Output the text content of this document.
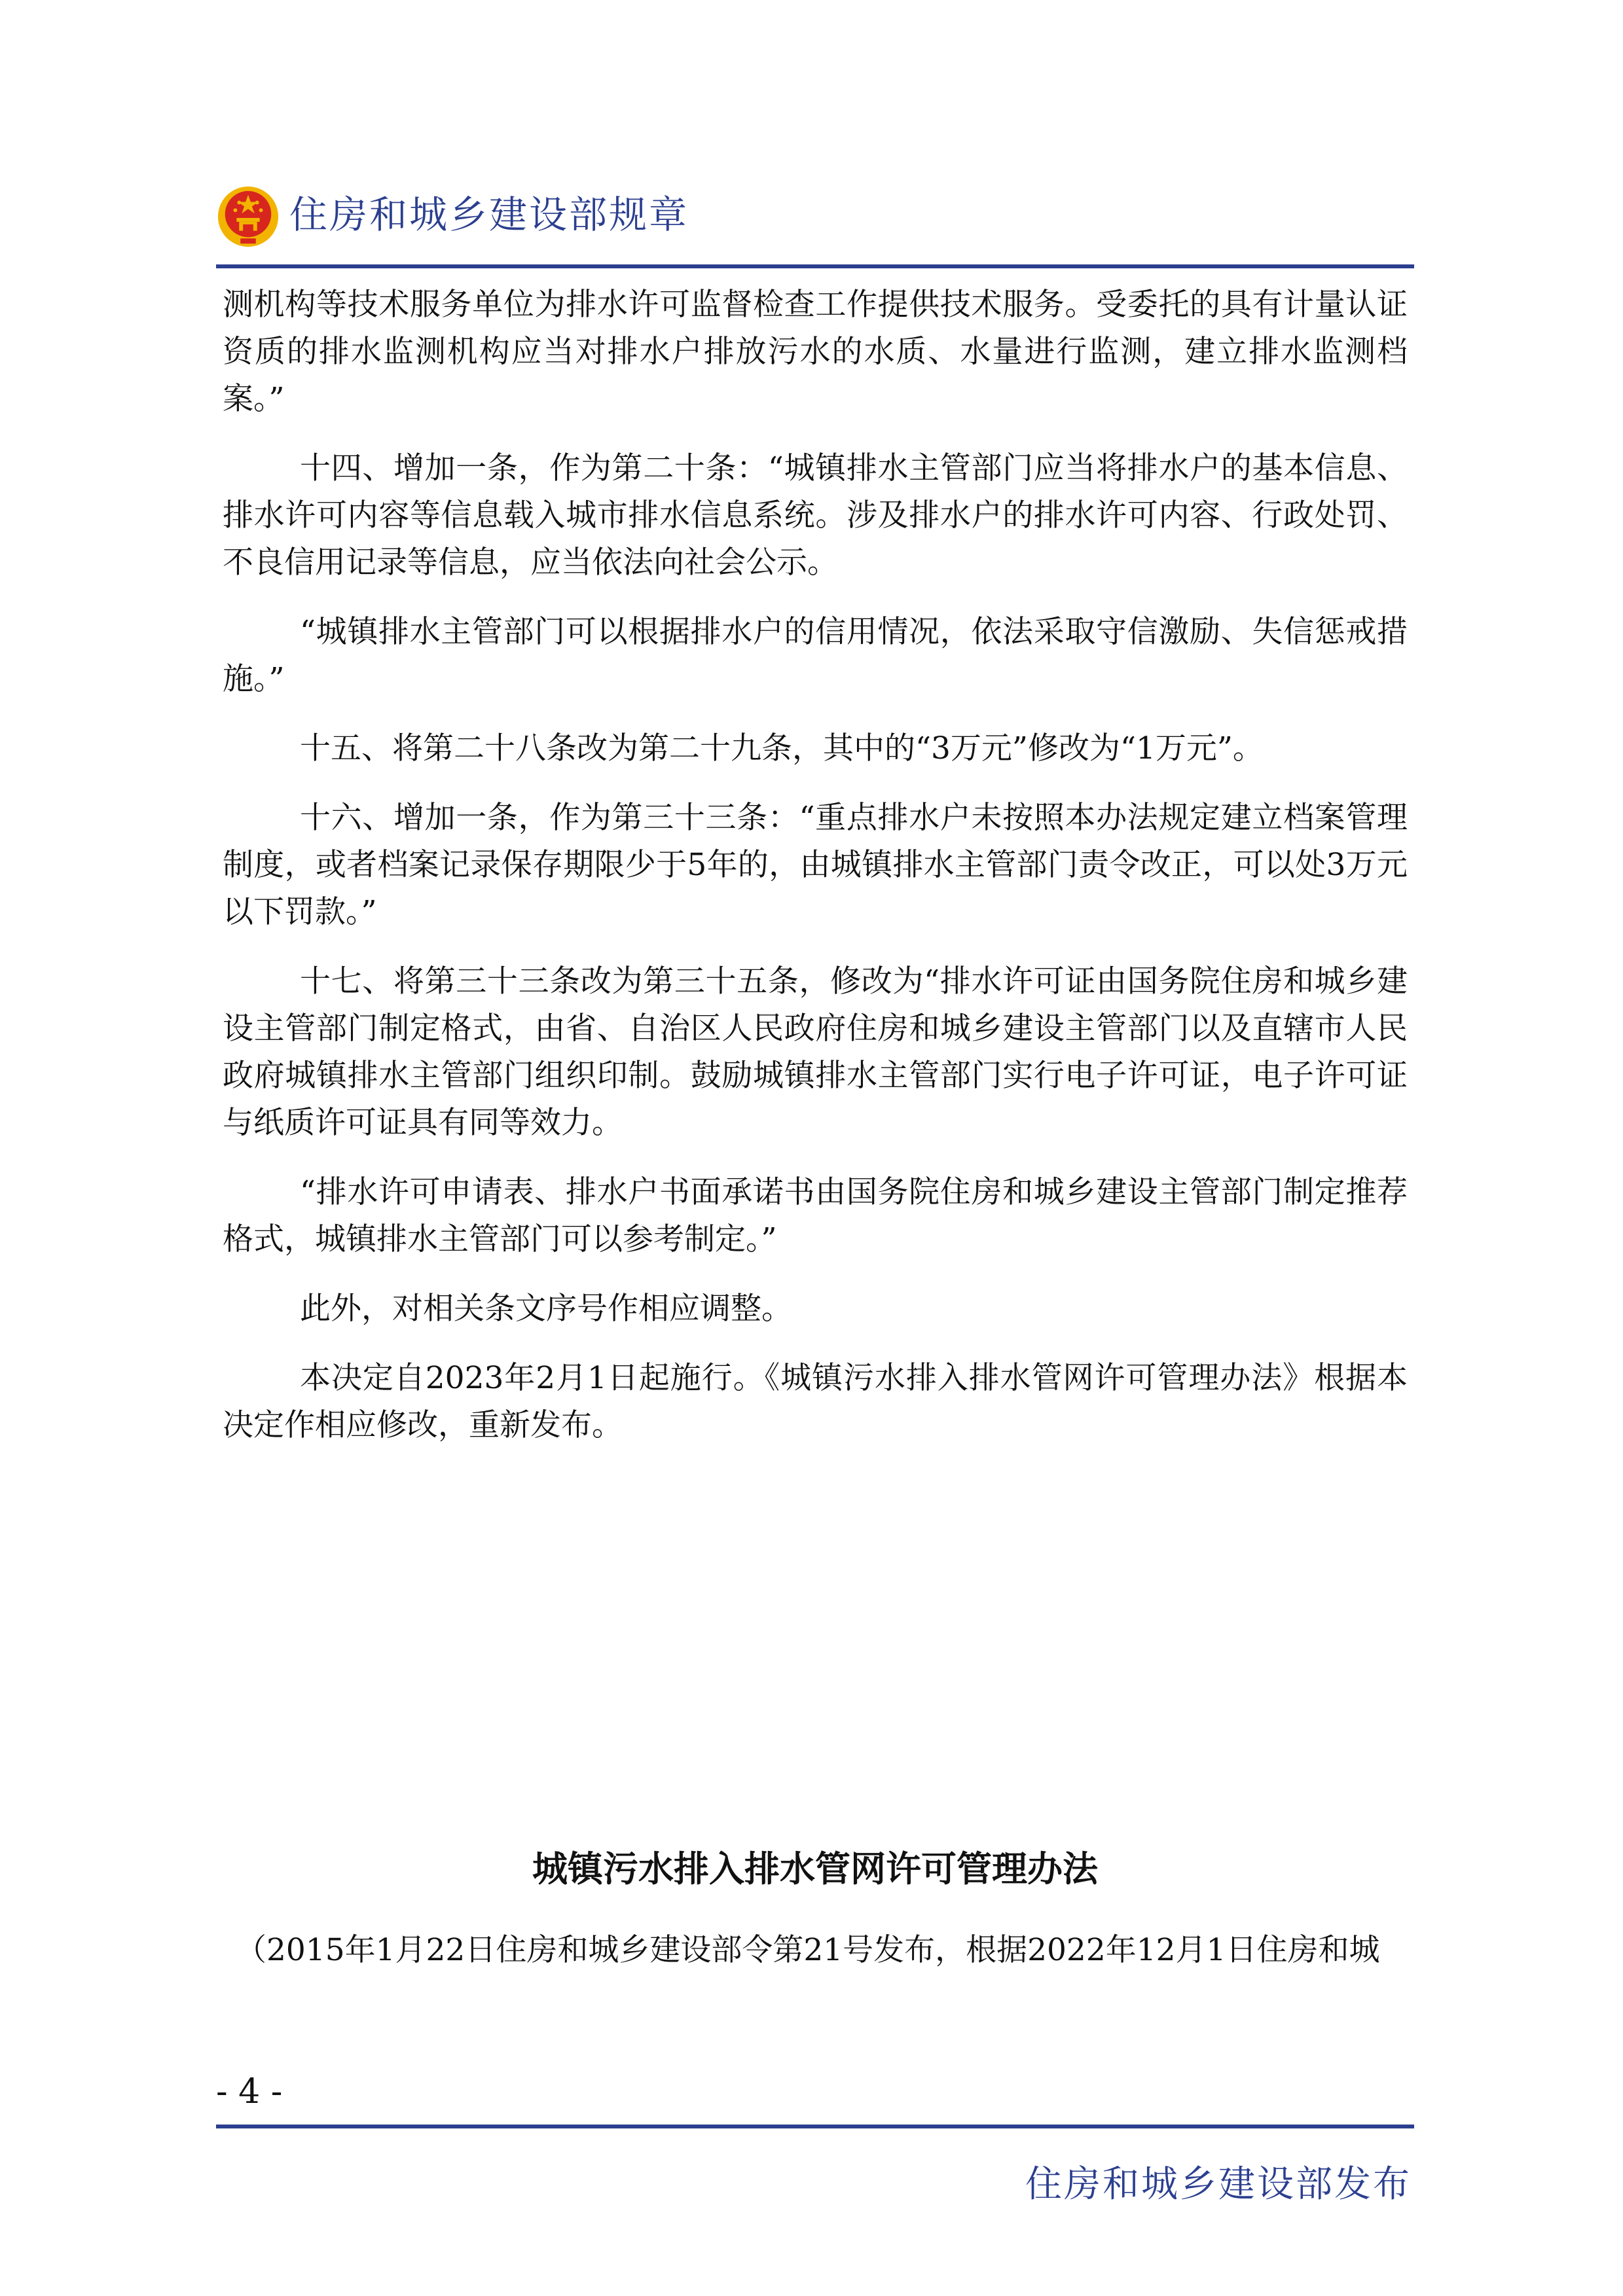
住房和城乡建设部规章

测机构等技术服务单位为排水许可监督检查工作提供技术服务。受委托的具有计量认证资质的排水监测机构应当对排水户排放污水的水质、水量进行监测，建立排水监测档案。”

十四、增加一条，作为第二十条：“城镇排水主管部门应当将排水户的基本信息、排水许可内容等信息载入城市排水信息系统。涉及排水户的排水许可内容、行政处罚、不良信用记录等信息，应当依法向社会公示。

“城镇排水主管部门可以根据排水户的信用情况，依法采取守信激励、失信惩戒措施。”

十五、将第二十八条改为第二十九条，其中的“3万元”修改为“1万元”。

十六、增加一条，作为第三十三条：“重点排水户未按照本办法规定建立档案管理制度，或者档案记录保存期限少于5年的，由城镇排水主管部门责令改正，可以处3万元以下罚款。”

十七、将第三十三条改为第三十五条，修改为“排水许可证由国务院住房和城乡建设主管部门制定格式，由省、自治区人民政府住房和城乡建设主管部门以及直辖市人民政府城镇排水主管部门组织印制。鼓励城镇排水主管部门实行电子许可证，电子许可证与纸质许可证具有同等效力。

“排水许可申请表、排水户书面承诺书由国务院住房和城乡建设主管部门制定推荐格式，城镇排水主管部门可以参考制定。”

此外，对相关条文序号作相应调整。

本决定自2023年2月1日起施行。《城镇污水排入排水管网许可管理办法》根据本决定作相应修改，重新发布。

城镇污水排入排水管网许可管理办法
（2015年1月22日住房和城乡建设部令第21号发布，根据2022年12月1日住房和城
- 4 -
住房和城乡建设部发布
